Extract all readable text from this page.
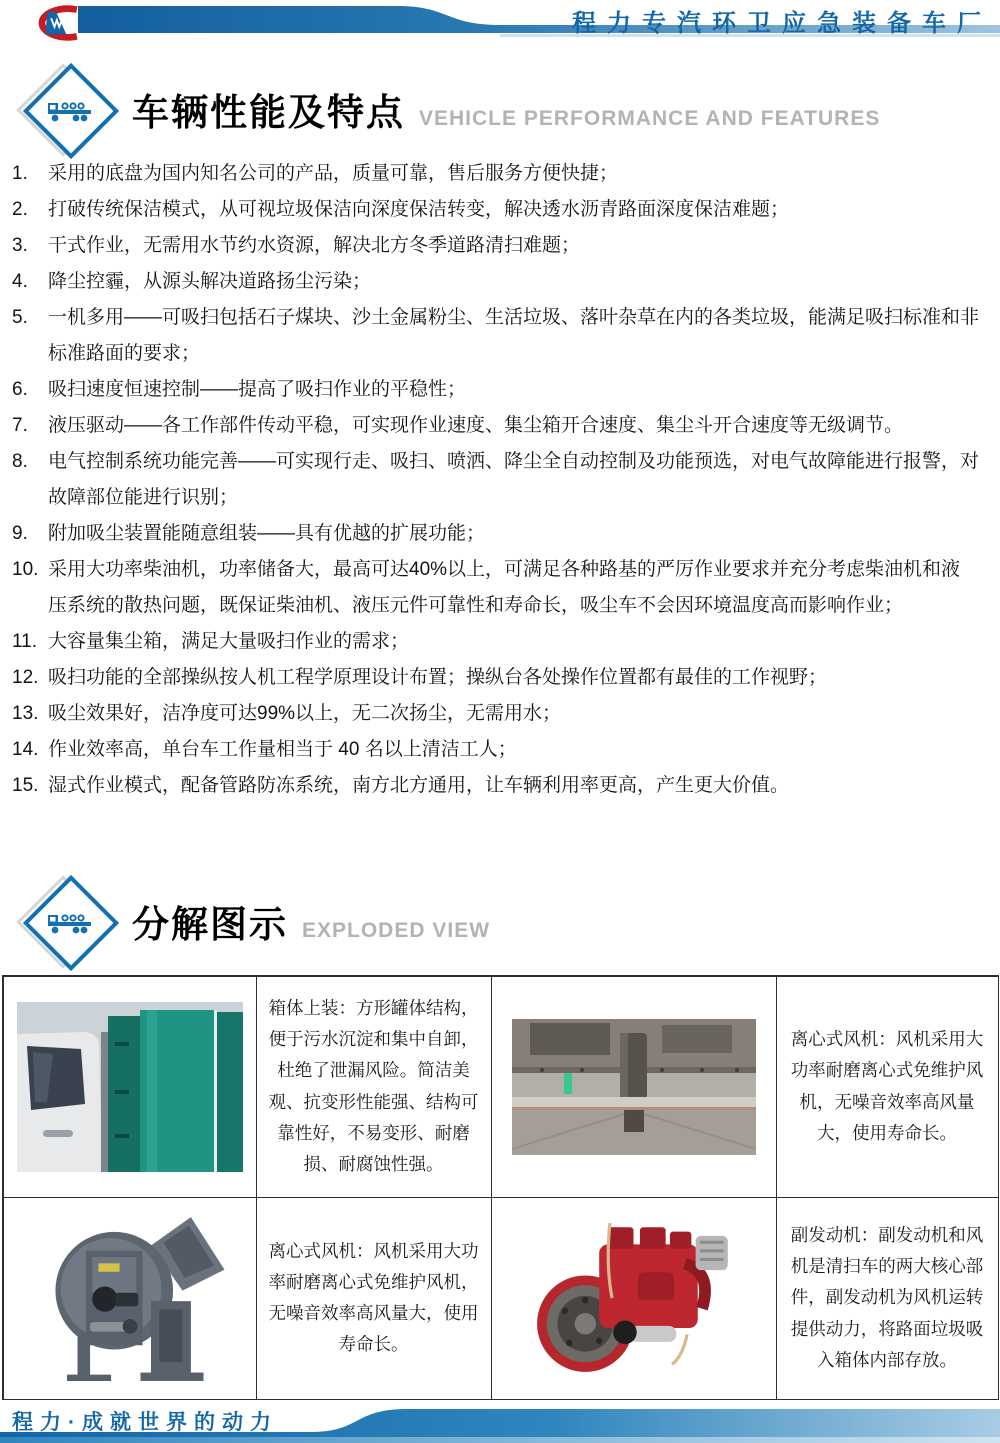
程力专汽环卫应急装备车厂
车辆性能及特点 VEHICLE PERFORMANCE AND FEATURES
1.	采用的底盘为国内知名公司的产品，质量可靠，售后服务方便快捷；
2.	打破传统保洁模式，从可视垃圾保洁向深度保洁转变，解决透水沥青路面深度保洁难题；
3.	干式作业，无需用水节约水资源，解决北方冬季道路清扫难题；
4.	降尘控霾，从源头解决道路扬尘污染；
5.	一机多用——可吸扫包括石子煤块、沙土金属粉尘、生活垃圾、落叶杂草在内的各类垃圾，能满足吸扫标准和非标准路面的要求；
6.	吸扫速度恒速控制——提高了吸扫作业的平稳性；
7.	液压驱动——各工作部件传动平稳，可实现作业速度、集尘箱开合速度、集尘斗开合速度等无级调节。
8.	电气控制系统功能完善——可实现行走、吸扫、喷洒、降尘全自动控制及功能预选，对电气故障能进行报警，对故障部位能进行识别；
9.	附加吸尘装置能随意组装——具有优越的扩展功能；
10. 采用大功率柴油机，功率储备大，最高可达40%以上，可满足各种路基的严厉作业要求并充分考虑柴油机和液　压系统的散热问题，既保证柴油机、液压元件可靠性和寿命长，吸尘车不会因环境温度高而影响作业；
11. 大容量集尘箱，满足大量吸扫作业的需求；
12. 吸扫功能的全部操纵按人机工程学原理设计布置；操纵台各处操作位置都有最佳的工作视野；
13. 吸尘效果好，洁净度可达99%以上，无二次扬尘，无需用水；
14. 作业效率高，单台车工作量相当于 40 名以上清洁工人；
15. 湿式作业模式，配备管路防冻系统，南方北方通用，让车辆利用率更高，产生更大价值。
分解图示 EXPLODED VIEW
箱体上装：方形罐体结构，便于污水沉淀和集中自卸，杜绝了泄漏风险。简洁美观、抗变形性能强、结构可靠性好，不易变形、耐磨损、耐腐蚀性强。
离心式风机：风机采用大功率耐磨离心式免维护风机，无噪音效率高风量大，使用寿命长。
离心式风机：风机采用大功率耐磨离心式免维护风机，无噪音效率高风量大，使用寿命长。
副发动机：副发动机和风机是清扫车的两大核心部件，副发动机为风机运转提供动力，将路面垃圾吸入箱体内部存放。
程力·成就世界的动力
